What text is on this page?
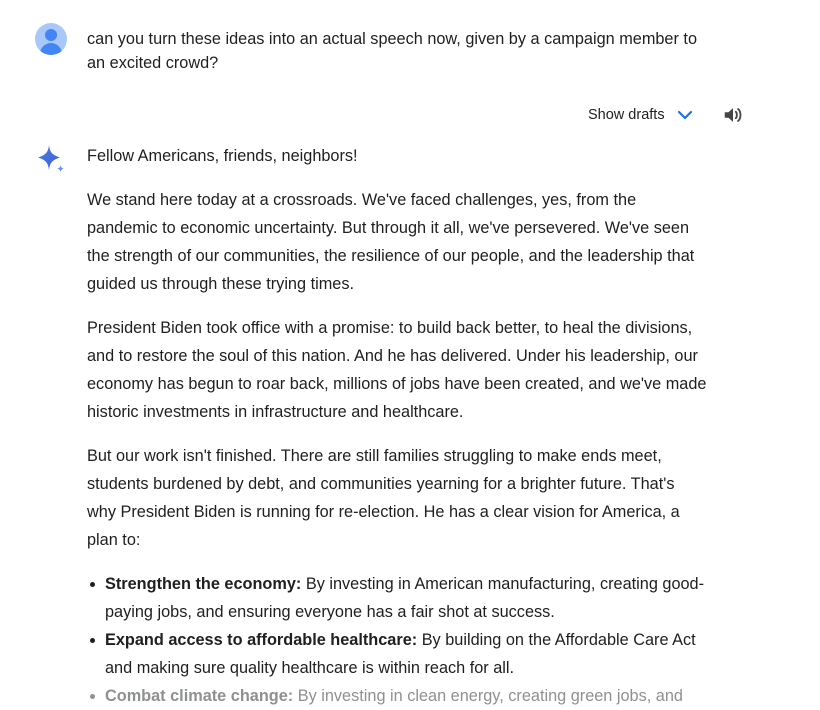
can you turn these ideas into an actual speech now, given by a campaign member to an excited crowd?

Show drafts

Fellow Americans, friends, neighbors!

We stand here today at a crossroads. We've faced challenges, yes, from the pandemic to economic uncertainty. But through it all, we've persevered. We've seen the strength of our communities, the resilience of our people, and the leadership that guided us through these trying times.

President Biden took office with a promise: to build back better, to heal the divisions, and to restore the soul of this nation. And he has delivered. Under his leadership, our economy has begun to roar back, millions of jobs have been created, and we've made historic investments in infrastructure and healthcare.

But our work isn't finished. There are still families struggling to make ends meet, students burdened by debt, and communities yearning for a brighter future. That's why President Biden is running for re-election. He has a clear vision for America, a plan to:

Strengthen the economy: By investing in American manufacturing, creating good-paying jobs, and ensuring everyone has a fair shot at success.
Expand access to affordable healthcare: By building on the Affordable Care Act and making sure quality healthcare is within reach for all.
Combat climate change: By investing in clean energy, creating green jobs, and
